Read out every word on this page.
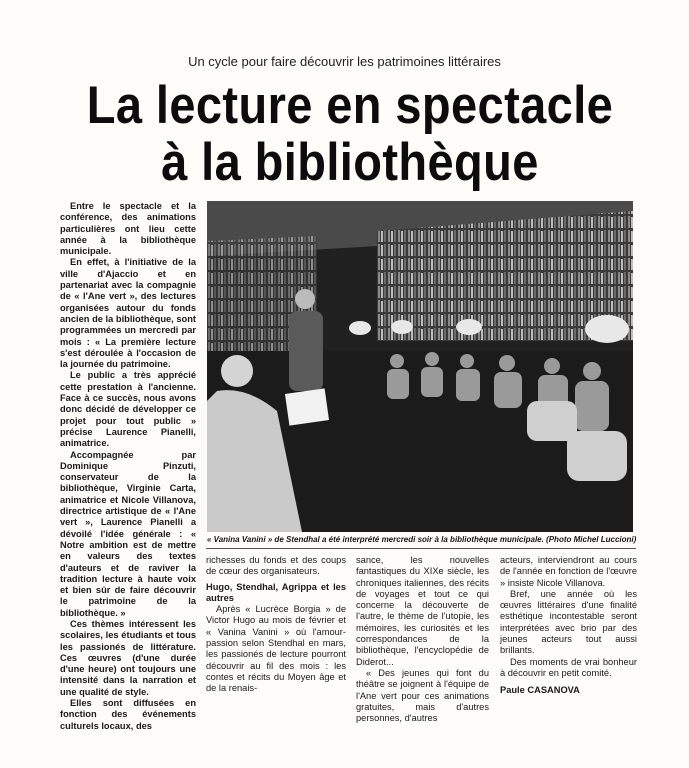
Un cycle pour faire découvrir les patrimoines littéraires
La lecture en spectacle
à la bibliothèque

Entre le spectacle et la conférence, des animations particulières ont lieu cette année à la bibliothèque municipale.

En effet, à l'initiative de la ville d'Ajaccio et en partenariat avec la compagnie de « l'Ane vert », des lectures organisées autour du fonds ancien de la bibliothèque, sont programmées un mercredi par mois : « La première lecture s'est déroulée à l'occasion de la journée du patrimoine.

Le public a très apprécié cette prestation à l'ancienne. Face à ce succès, nous avons donc décidé de développer ce projet pour tout public » précise Laurence Pianelli, animatrice.

Accompagnée par Dominique Pinzuti, conservateur de la bibliothèque, Virginie Carta, animatrice et Nicole Villanova, directrice artistique de « l'Ane vert », Laurence Pianelli a dévoilé l'idée générale : « Notre ambition est de mettre en valeurs des textes d'auteurs et de raviver la tradition lecture à haute voix et bien sûr de faire découvrir le patrimoine de la bibliothèque. »

Ces thèmes intéressent les scolaires, les étudiants et tous les passionés de littérature. Ces œuvres (d'une durée d'une heure) ont toujours une intensité dans la narration et une qualité de style.

Elles sont diffusées en fonction des événements culturels locaux, des

« Vanina Vanini » de Stendhal a été interprété mercredi soir à la bibliothèque municipale. (Photo Michel Luccioni)

richesses du fonds et des coups de cœur des organisateurs.

Hugo, Stendhal, Agrippa et les autres

Après « Lucrèce Borgia » de Victor Hugo au mois de février et « Vanina Vanini » où l'amour-passion selon Stendhal en mars, les passionés de lecture pourront découvrir au fil des mois : les contes et récits du Moyen âge et de la renais-

sance, les nouvelles fantastiques du XIXe siècle, les chroniques italiennes, des récits de voyages et tout ce qui concerne la découverte de l'autre, le thème de l'utopie, les mémoires, les curiosités et les correspondances de la bibliothèque, l'encyclopédie de Diderot...

« Des jeunes qui font du théâtre se joignent à l'équipe de l'Ane vert pour ces animations gratuites, mais d'autres personnes, d'autres

acteurs, interviendront au cours de l'année en fonction de l'œuvre » insiste Nicole Villanova.

Bref, une année où les œuvres littéraires d'une finalité esthétique incontestable seront interprétées avec brio par des jeunes acteurs tout aussi brillants.

Des moments de vrai bonheur à découvrir en petit comité.

Paule CASANOVA
